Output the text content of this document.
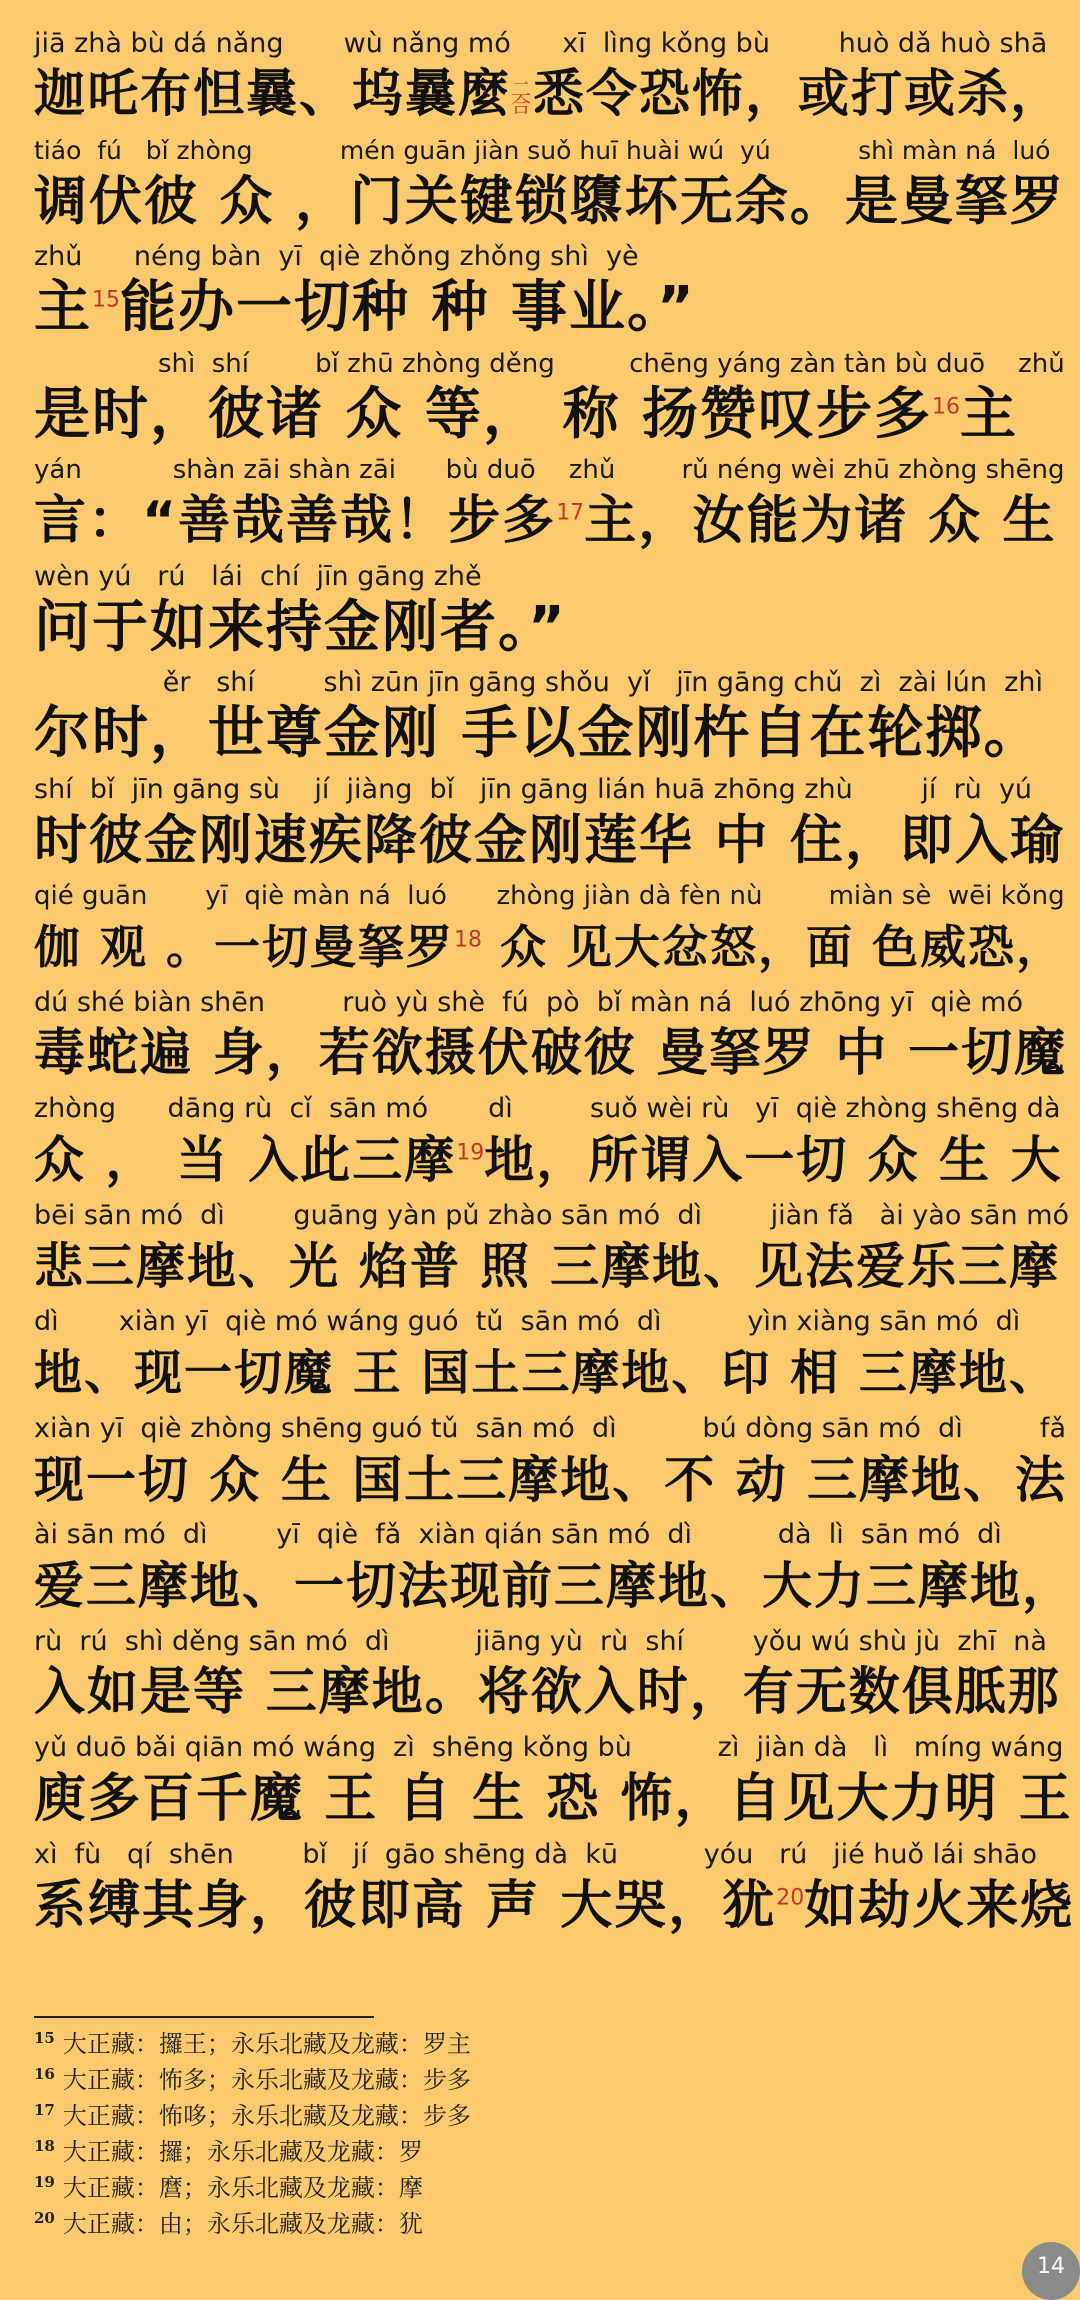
jiā zhà bù dá nǎng       wù nǎng mó      xī  lìng kǒng bù        huò dǎ huò shā
迦吒布怛曩、坞曩麼二合悉令恐怖，或打或杀，
tiáo  fú   bǐ zhòng           mén guān jiàn suǒ huī huài wú  yú           shì màn ná  luó
调伏彼 众 ，门关键锁隳坏无余。是曼拏罗
zhǔ      néng bàn  yī  qiè zhǒng zhǒng shì  yè
主$^{15}$能办一切种 种 事业。”
shì  shí        bǐ zhū zhòng děng         chēng yáng zàn tàn bù duō    zhǔ
是时，彼诸 众 等， 称 扬赞叹步多$^{16}$主
yán           shàn zāi shàn zāi      bù duō    zhǔ        rǔ néng wèi zhū zhòng shēng
言：“善哉善哉！步多$^{17}$主，汝能为诸 众 生
wèn yú   rú   lái  chí  jīn gāng zhě
问于如来持金刚者。”
ěr   shí        shì zūn jīn gāng shǒu  yǐ   jīn gāng chǔ  zì  zài lún  zhì
尔时，世尊金刚 手以金刚杵自在轮掷。
shí  bǐ  jīn gāng sù    jí  jiàng  bǐ   jīn gāng lián huā zhōng zhù        jí  rù  yú
时彼金刚速疾降彼金刚莲华 中 住，即入瑜
qié guān       yī  qiè màn ná  luó      zhòng jiàn dà fèn nù        miàn sè  wēi kǒng
伽 观 。一切曼拏罗$^{18}$ 众 见大忿怒，面 色威恐，
dú shé biàn shēn         ruò yù shè  fú  pò  bǐ màn ná  luó zhōng yī  qiè mó
毒蛇遍 身，若欲摄伏破彼 曼拏罗 中 一切魔
zhòng      dāng rù  cǐ  sān mó       dì         suǒ wèi rù   yī  qiè zhòng shēng dà
众 ， 当 入此三摩$^{19}$地，所谓入一切 众 生 大
bēi sān mó  dì        guāng yàn pǔ zhào sān mó  dì        jiàn fǎ   ài yào sān mó
悲三摩地、光 焰普 照 三摩地、见法爱乐三摩
dì       xiàn yī  qiè mó wáng guó  tǔ  sān mó  dì          yìn xiàng sān mó  dì
地、现一切魔 王 国土三摩地、印 相 三摩地、
xiàn yī  qiè zhòng shēng guó tǔ  sān mó  dì          bú dòng sān mó  dì         fǎ
现一切 众 生 国土三摩地、不 动 三摩地、法
ài sān mó  dì        yī  qiè  fǎ  xiàn qián sān mó  dì          dà  lì  sān mó  dì
爱三摩地、一切法现前三摩地、大力三摩地，
rù  rú  shì děng sān mó  dì          jiāng yù  rù  shí        yǒu wú shù jù  zhī  nà
入如是等 三摩地。将欲入时，有无数俱胝那
yǔ duō bǎi qiān mó wáng  zì  shēng kǒng bù          zì  jiàn dà   lì   míng wáng
庾多百千魔 王 自 生 恐 怖，自见大力明 王
xì  fù   qí  shēn        bǐ   jí  gāo shēng dà  kū          yóu   rú   jié huǒ lái shāo
系缚其身，彼即高 声 大哭，犹$^{20}$如劫火来烧
$^{15}$ 大正藏：攞王；永乐北藏及龙藏：罗主
$^{16}$ 大正藏：怖多；永乐北藏及龙藏：步多
$^{17}$ 大正藏：怖哆；永乐北藏及龙藏：步多
$^{18}$ 大正藏：攞；永乐北藏及龙藏：罗
$^{19}$ 大正藏：麿；永乐北藏及龙藏：摩
$^{20}$ 大正藏：由；永乐北藏及龙藏：犹
14
